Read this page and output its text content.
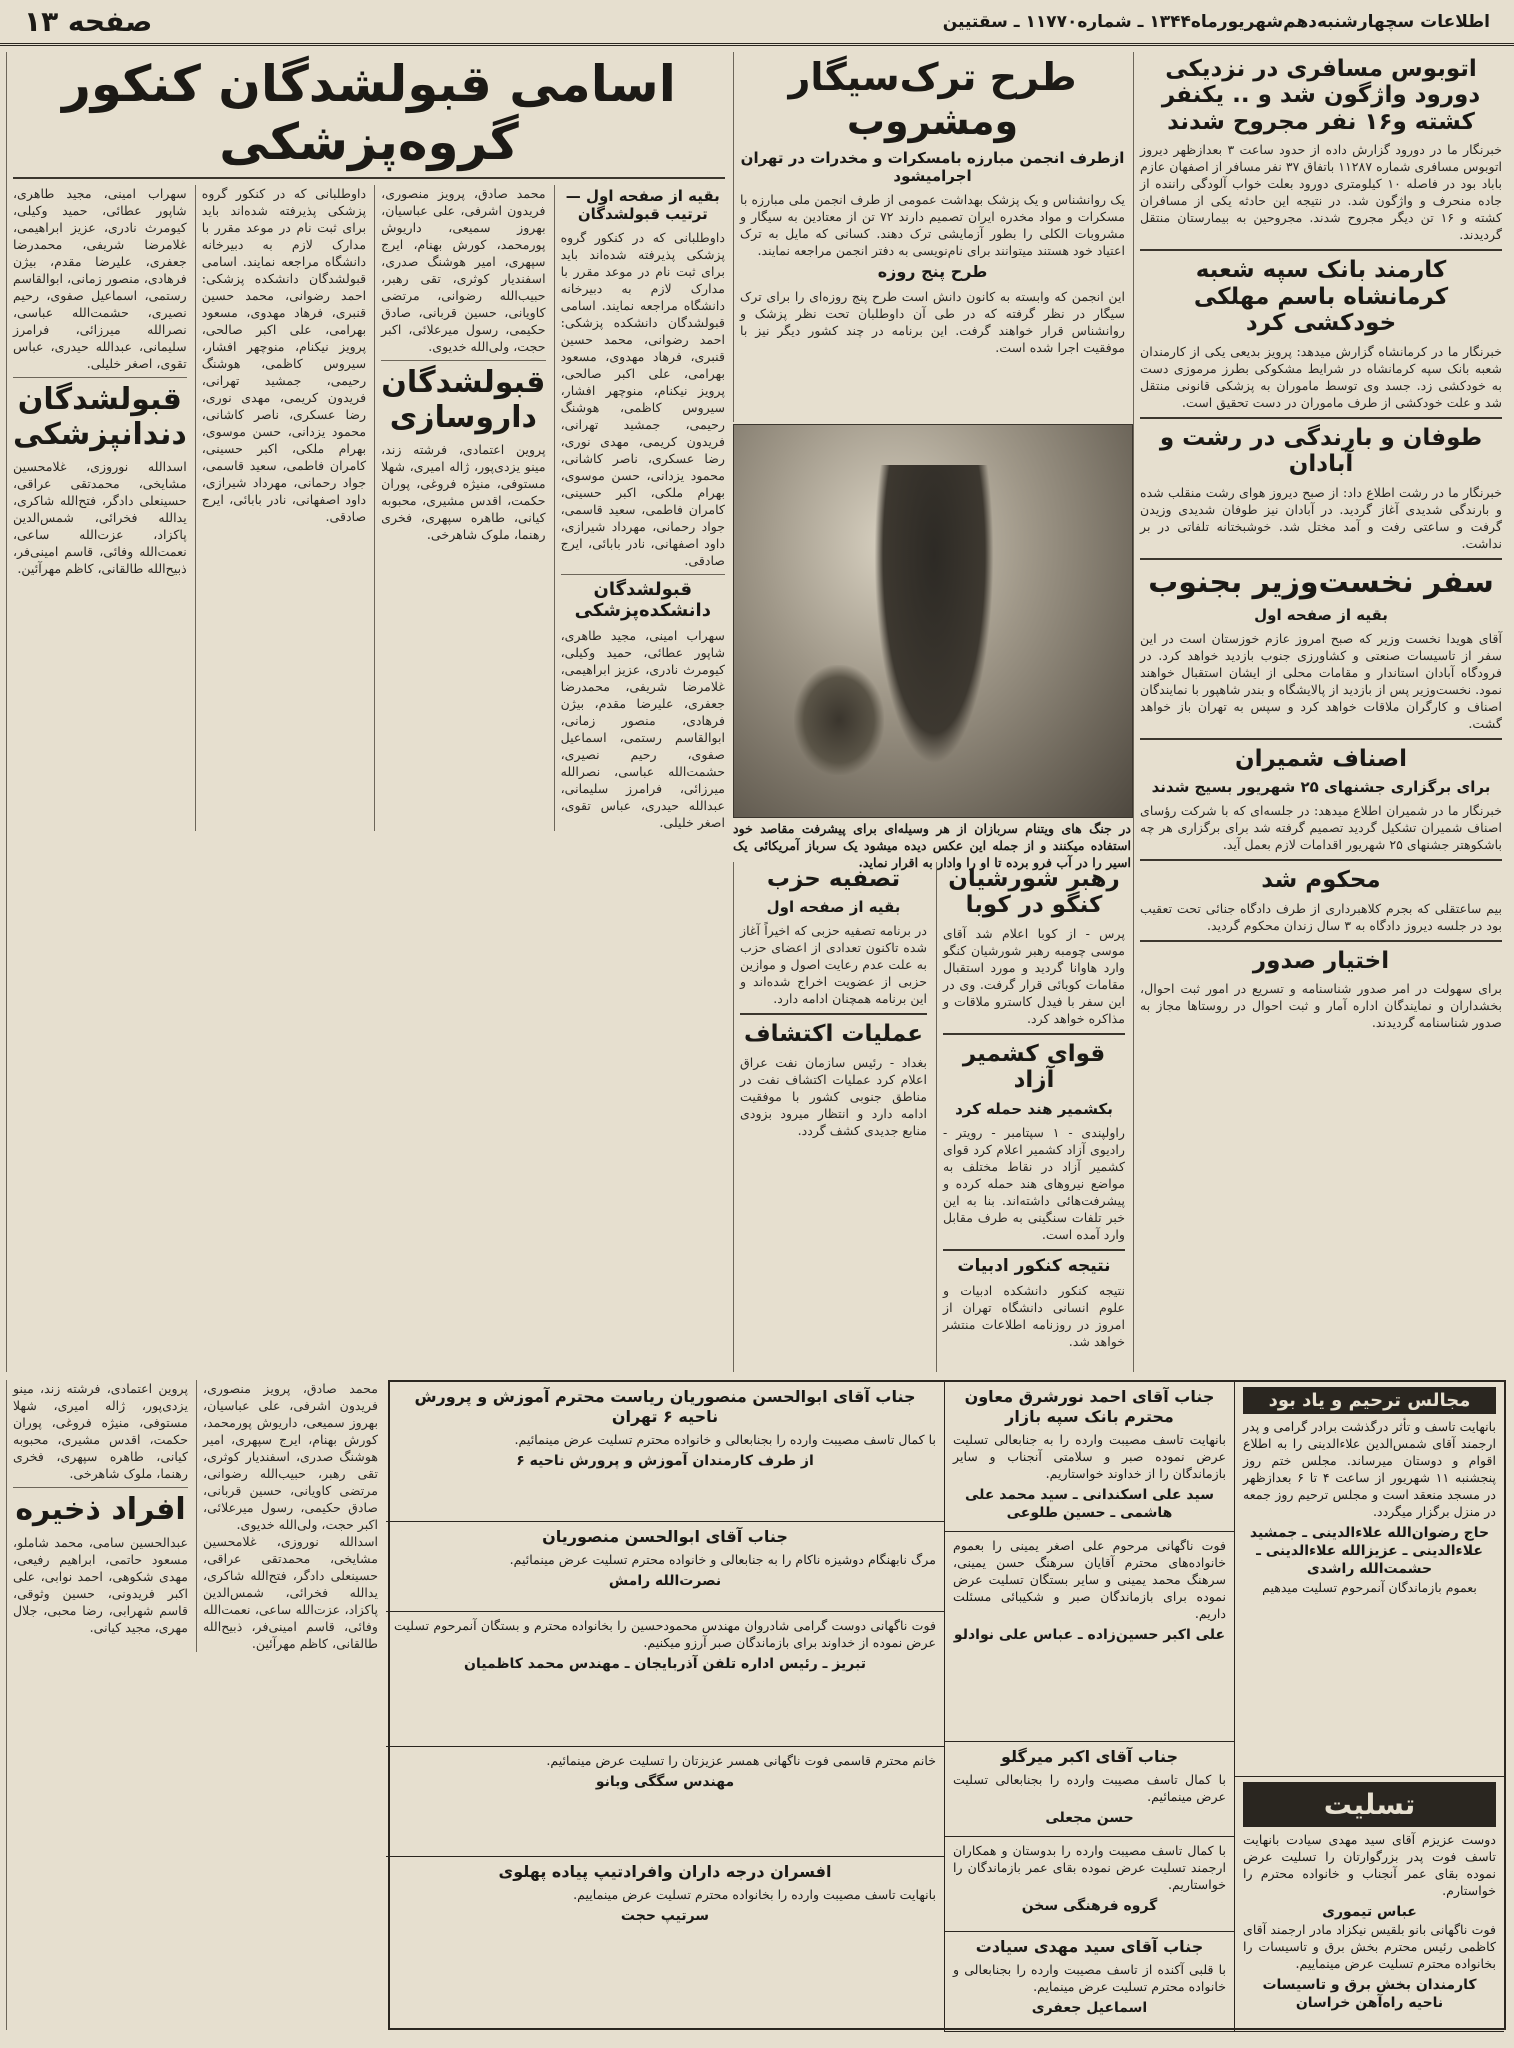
اطلاعات سچهارشنبه‌دهم‌شهریورماه۱۳۴۴ ـ شماره۱۱۷۷۰ ـ سقتیین
صفحه ۱۳
اتوبوس مسافری در نزدیکی دورود واژگون شد و .. یکنفر کشته و۱۶ نفر مجروح شدند
خبرنگار ما در دورود گزارش داده از حدود ساعت ۳ بعدازظهر دیروز اتوبوس مسافری شماره ۱۱۲۸۷ باتفاق ۳۷ نفر مسافر از اصفهان عازم باباد بود در فاصله ۱۰ کیلومتری دورود بعلت خواب آلودگی راننده از جاده منحرف و واژگون شد. در نتیجه این حادثه یکی از مسافران کشته و ۱۶ تن دیگر مجروح شدند. مجروحین به بیمارستان منتقل گردیدند.
کارمند بانک سپه شعبه کرمانشاه باسم مهلکی خودکشی کرد
خبرنگار ما در کرمانشاه گزارش میدهد: پرویز بدیعی یکی از کارمندان شعبه بانک سپه کرمانشاه در شرایط مشکوکی بطرز مرموزی دست به خودکشی زد. جسد وی توسط ماموران به پزشکی قانونی منتقل شد و علت خودکشی از طرف ماموران در دست تحقیق است.
طوفان و بارندگی در رشت و آبادان
خبرنگار ما در رشت اطلاع داد: از صبح دیروز هوای رشت منقلب شده و بارندگی شدیدی آغاز گردید. در آبادان نیز طوفان شدیدی وزیدن گرفت و ساعتی رفت و آمد مختل شد. خوشبختانه تلفاتی در بر نداشت.
سفر نخست‌وزیر بجنوب
بقیه از صفحه اول
آقای هویدا نخست وزیر که صبح امروز عازم خوزستان است در این سفر از تاسیسات صنعتی و کشاورزی جنوب بازدید خواهد کرد. در فرودگاه آبادان استاندار و مقامات محلی از ایشان استقبال خواهند نمود. نخست‌وزیر پس از بازدید از پالایشگاه و بندر شاهپور با نمایندگان اصناف و کارگران ملاقات خواهد کرد و سپس به تهران باز خواهد گشت.
اصناف شمیران
برای برگزاری جشنهای ۲۵ شهریور بسیج شدند
خبرنگار ما در شمیران اطلاع میدهد: در جلسه‌ای که با شرکت رؤسای اصناف شمیران تشکیل گردید تصمیم گرفته شد برای برگزاری هر چه باشکوهتر جشنهای ۲۵ شهریور اقدامات لازم بعمل آید.
محکوم شد
بیم ساعتقلی که بجرم کلاهبرداری از طرف دادگاه جنائی تحت تعقیب بود در جلسه دیروز دادگاه به ۳ سال زندان محکوم گردید.
اختیار صدور
برای سهولت در امر صدور شناسنامه و تسریع در امور ثبت احوال، بخشداران و نمایندگان اداره آمار و ثبت احوال در روستاها مجاز به صدور شناسنامه گردیدند.
طرح ترک‌سیگار ومشروب
ازطرف انجمن مبارزه بامسکرات و مخدرات در تهران اجرامیشود
یک روانشناس و یک پزشک بهداشت عمومی از طرف انجمن ملی مبارزه با مسکرات و مواد مخدره ایران تصمیم دارند ۷۲ تن از معتادین به سیگار و مشروبات الکلی را بطور آزمایشی ترک دهند. کسانی که مایل به ترک اعتیاد خود هستند میتوانند برای نام‌نویسی به دفتر انجمن مراجعه نمایند.
طرح پنج روزه
این انجمن که وابسته به کانون دانش است طرح پنج روزه‌ای را برای ترک سیگار در نظر گرفته که در طی آن داوطلبان تحت نظر پزشک و روانشناس قرار خواهند گرفت. این برنامه در چند کشور دیگر نیز با موفقیت اجرا شده است.
در جنگ های ویتنام سربازان از هر وسیله‌ای برای پیشرفت مقاصد خود استفاده میکنند و از جمله این عکس دیده میشود یک سرباز آمریکائی یک اسیر را در آب فرو برده تا او را وادار به اقرار نماید.
رهبر شورشیان کنگو در کوبا
پرس - از کوبا اعلام شد آقای موسی چومبه رهبر شورشیان کنگو وارد هاوانا گردید و مورد استقبال مقامات کوبائی قرار گرفت. وی در این سفر با فیدل کاسترو ملاقات و مذاکره خواهد کرد.
قوای کشمیر آزاد
بکشمیر هند حمله کرد
راولپندی - ۱ سپتامبر - رویتر - رادیوی آزاد کشمیر اعلام کرد قوای کشمیر آزاد در نقاط مختلف به مواضع نیروهای هند حمله کرده و پیشرفت‌هائی داشته‌اند. بنا به این خبر تلفات سنگینی به طرف مقابل وارد آمده است.
نتیجه کنکور ادبیات
نتیجه کنکور دانشکده ادبیات و علوم انسانی دانشگاه تهران از امروز در روزنامه اطلاعات منتشر خواهد شد.
تصفیه حزب
بقیه از صفحه اول
در برنامه تصفیه حزبی که اخیراً آغاز شده تاکنون تعدادی از اعضای حزب به علت عدم رعایت اصول و موازین حزبی از عضویت اخراج شده‌اند و این برنامه همچنان ادامه دارد.
عملیات اکتشاف
بغداد - رئیس سازمان نفت عراق اعلام کرد عملیات اکتشاف نفت در مناطق جنوبی کشور با موفقیت ادامه دارد و انتظار میرود بزودی منابع جدیدی کشف گردد.
اسامی قبولشدگان کنکور گروه‌پزشکی
بقیه از صفحه اول — ترتیب قبولشدگان
داوطلبانی که در کنکور گروه پزشکی پذیرفته شده‌اند باید برای ثبت نام در موعد مقرر با مدارک لازم به دبیرخانه دانشگاه مراجعه نمایند. اسامی قبولشدگان دانشکده پزشکی: احمد رضوانی، محمد حسین قنبری، فرهاد مهدوی، مسعود بهرامی، علی اکبر صالحی، پرویز نیکنام، منوچهر افشار، سیروس کاظمی، هوشنگ رحیمی، جمشید تهرانی، فریدون کریمی، مهدی نوری، رضا عسکری، ناصر کاشانی، محمود یزدانی، حسن موسوی، بهرام ملکی، اکبر حسینی، کامران فاطمی، سعید قاسمی، جواد رحمانی، مهرداد شیرازی، داود اصفهانی، نادر بابائی، ایرج صادقی.
قبولشدگان دانشکده‌پزشکی
سهراب امینی، مجید طاهری، شاپور عطائی، حمید وکیلی، کیومرث نادری، عزیز ابراهیمی، غلامرضا شریفی، محمدرضا جعفری، علیرضا مقدم، بیژن فرهادی، منصور زمانی، ابوالقاسم رستمی، اسماعیل صفوی، رحیم نصیری، حشمت‌الله عباسی، نصرالله میرزائی، فرامرز سلیمانی، عبدالله حیدری، عباس تقوی، اصغر خلیلی.
محمد صادق، پرویز منصوری، فریدون اشرفی، علی عباسیان، بهروز سمیعی، داریوش پورمحمد، کورش بهنام، ایرج سپهری، امیر هوشنگ صدری، اسفندیار کوثری، تقی رهبر، حبیب‌الله رضوانی، مرتضی کاویانی، حسین قربانی، صادق حکیمی، رسول میرعلائی، اکبر حجت، ولی‌الله خدیوی.
قبولشدگان داروسازی
پروین اعتمادی، فرشته زند، مینو یزدی‌پور، ژاله امیری، شهلا مستوفی، منیژه فروغی، پوران حکمت، اقدس مشیری، محبوبه کیانی، طاهره سپهری، فخری رهنما، ملوک شاهرخی.
داوطلبانی که در کنکور گروه پزشکی پذیرفته شده‌اند باید برای ثبت نام در موعد مقرر با مدارک لازم به دبیرخانه دانشگاه مراجعه نمایند. اسامی قبولشدگان دانشکده پزشکی: احمد رضوانی، محمد حسین قنبری، فرهاد مهدوی، مسعود بهرامی، علی اکبر صالحی، پرویز نیکنام، منوچهر افشار، سیروس کاظمی، هوشنگ رحیمی، جمشید تهرانی، فریدون کریمی، مهدی نوری، رضا عسکری، ناصر کاشانی، محمود یزدانی، حسن موسوی، بهرام ملکی، اکبر حسینی، کامران فاطمی، سعید قاسمی، جواد رحمانی، مهرداد شیرازی، داود اصفهانی، نادر بابائی، ایرج صادقی.
سهراب امینی، مجید طاهری، شاپور عطائی، حمید وکیلی، کیومرث نادری، عزیز ابراهیمی، غلامرضا شریفی، محمدرضا جعفری، علیرضا مقدم، بیژن فرهادی، منصور زمانی، ابوالقاسم رستمی، اسماعیل صفوی، رحیم نصیری، حشمت‌الله عباسی، نصرالله میرزائی، فرامرز سلیمانی، عبدالله حیدری، عباس تقوی، اصغر خلیلی.
قبولشدگان دندانپزشکی
اسدالله نوروزی، غلامحسین مشایخی، محمدتقی عراقی، حسینعلی دادگر، فتح‌الله شاکری، یدالله فخرائی، شمس‌الدین پاکزاد، عزت‌الله ساعی، نعمت‌الله وفائی، قاسم امینی‌فر، ذبیح‌الله طالقانی، کاظم مهرآئین.
محمد صادق، پرویز منصوری، فریدون اشرفی، علی عباسیان، بهروز سمیعی، داریوش پورمحمد، کورش بهنام، ایرج سپهری، امیر هوشنگ صدری، اسفندیار کوثری، تقی رهبر، حبیب‌الله رضوانی، مرتضی کاویانی، حسین قربانی، صادق حکیمی، رسول میرعلائی، اکبر حجت، ولی‌الله خدیوی.
اسدالله نوروزی، غلامحسین مشایخی، محمدتقی عراقی، حسینعلی دادگر، فتح‌الله شاکری، یدالله فخرائی، شمس‌الدین پاکزاد، عزت‌الله ساعی، نعمت‌الله وفائی، قاسم امینی‌فر، ذبیح‌الله طالقانی، کاظم مهرآئین.
پروین اعتمادی، فرشته زند، مینو یزدی‌پور، ژاله امیری، شهلا مستوفی، منیژه فروغی، پوران حکمت، اقدس مشیری، محبوبه کیانی، طاهره سپهری، فخری رهنما، ملوک شاهرخی.
افراد ذخیره
عبدالحسین سامی، محمد شاملو، مسعود حاتمی، ابراهیم رفیعی، مهدی شکوهی، احمد نوابی، علی اکبر فریدونی، حسین وثوقی، قاسم شهرابی، رضا محبی، جلال مهری، مجید کیانی.
مجالس ترحیم و یاد بود
بانهایت تاسف و تأثر درگذشت برادر گرامی و پدر ارجمند آقای شمس‌الدین علاءالدینی را به اطلاع اقوام و دوستان میرساند. مجلس ختم روز پنجشنبه ۱۱ شهریور از ساعت ۴ تا ۶ بعدازظهر در مسجد منعقد است و مجلس ترحیم روز جمعه در منزل برگزار میگردد.
حاج رضوان‌الله علاءالدینی ـ جمشید علاءالدینی ـ عزیزالله علاءالدینی ـ حشمت‌الله راشدی
بعموم بازماندگان آنمرحوم تسلیت میدهیم
تسلیت
دوست عزیزم آقای سید مهدی سیادت بانهایت تاسف فوت پدر بزرگوارتان را تسلیت عرض نموده بقای عمر آنجناب و خانواده محترم را خواستارم.
عباس تیموری
فوت ناگهانی بانو بلقیس نیکزاد مادر ارجمند آقای کاظمی رئیس محترم بخش برق و تاسیسات را بخانواده محترم تسلیت عرض مینماییم.
کارمندان بخش برق و تاسیسات ناحیه راه‌آهن خراسان
جناب آقای احمد نورشرق معاون محترم بانک سپه بازار
بانهایت تاسف مصیبت وارده را به جنابعالی تسلیت عرض نموده صبر و سلامتی آنجناب و سایر بازماندگان را از خداوند خواستاریم.
سید علی اسکندانی ـ سید محمد علی هاشمی ـ حسین طلوعی
فوت ناگهانی مرحوم علی اصغر یمینی را بعموم خانواده‌های محترم آقایان سرهنگ حسن یمینی، سرهنگ محمد یمینی و سایر بستگان تسلیت عرض نموده برای بازماندگان صبر و شکیبائی مسئلت داریم.
علی اکبر حسین‌زاده ـ عباس علی نوادلو
جناب آقای اکبر میرگلو
با کمال تاسف مصیبت وارده را بجنابعالی تسلیت عرض مینمائیم.
حسن مجعلی
با کمال تاسف مصیبت وارده را بدوستان و همکاران ارجمند تسلیت عرض نموده بقای عمر بازماندگان را خواستاریم.
گروه فرهنگی سخن
جناب آقای سید مهدی سیادت
با قلبی آکنده از تاسف مصیبت وارده را بجنابعالی و خانواده محترم تسلیت عرض مینمایم.
اسماعیل جعفری
جناب آقای ابوالحسن منصوریان ریاست محترم آموزش و پرورش ناحیه ۶ تهران
با کمال تاسف مصیبت وارده را بجنابعالی و خانواده محترم تسلیت عرض مینمائیم.
از طرف کارمندان آموزش و پرورش ناحیه ۶
جناب آقای ابوالحسن منصوریان
مرگ نابهنگام دوشیزه ناکام را به جنابعالی و خانواده محترم تسلیت عرض مینمائیم.
نصرت‌الله رامش
فوت ناگهانی دوست گرامی شادروان مهندس محمودحسین را بخانواده محترم و بستگان آنمرحوم تسلیت عرض نموده از خداوند برای بازماندگان صبر آرزو میکنیم.
تبریز ـ رئیس اداره تلفن آذربایجان ـ مهندس محمد کاظمیان
خانم محترم قاسمی فوت ناگهانی همسر عزیزتان را تسلیت عرض مینمائیم.
مهندس سگگی وبانو
افسران درجه داران وافرادتیپ پیاده پهلوی
بانهایت تاسف مصیبت وارده را بخانواده محترم تسلیت عرض مینماییم.
سرتیپ حجت
